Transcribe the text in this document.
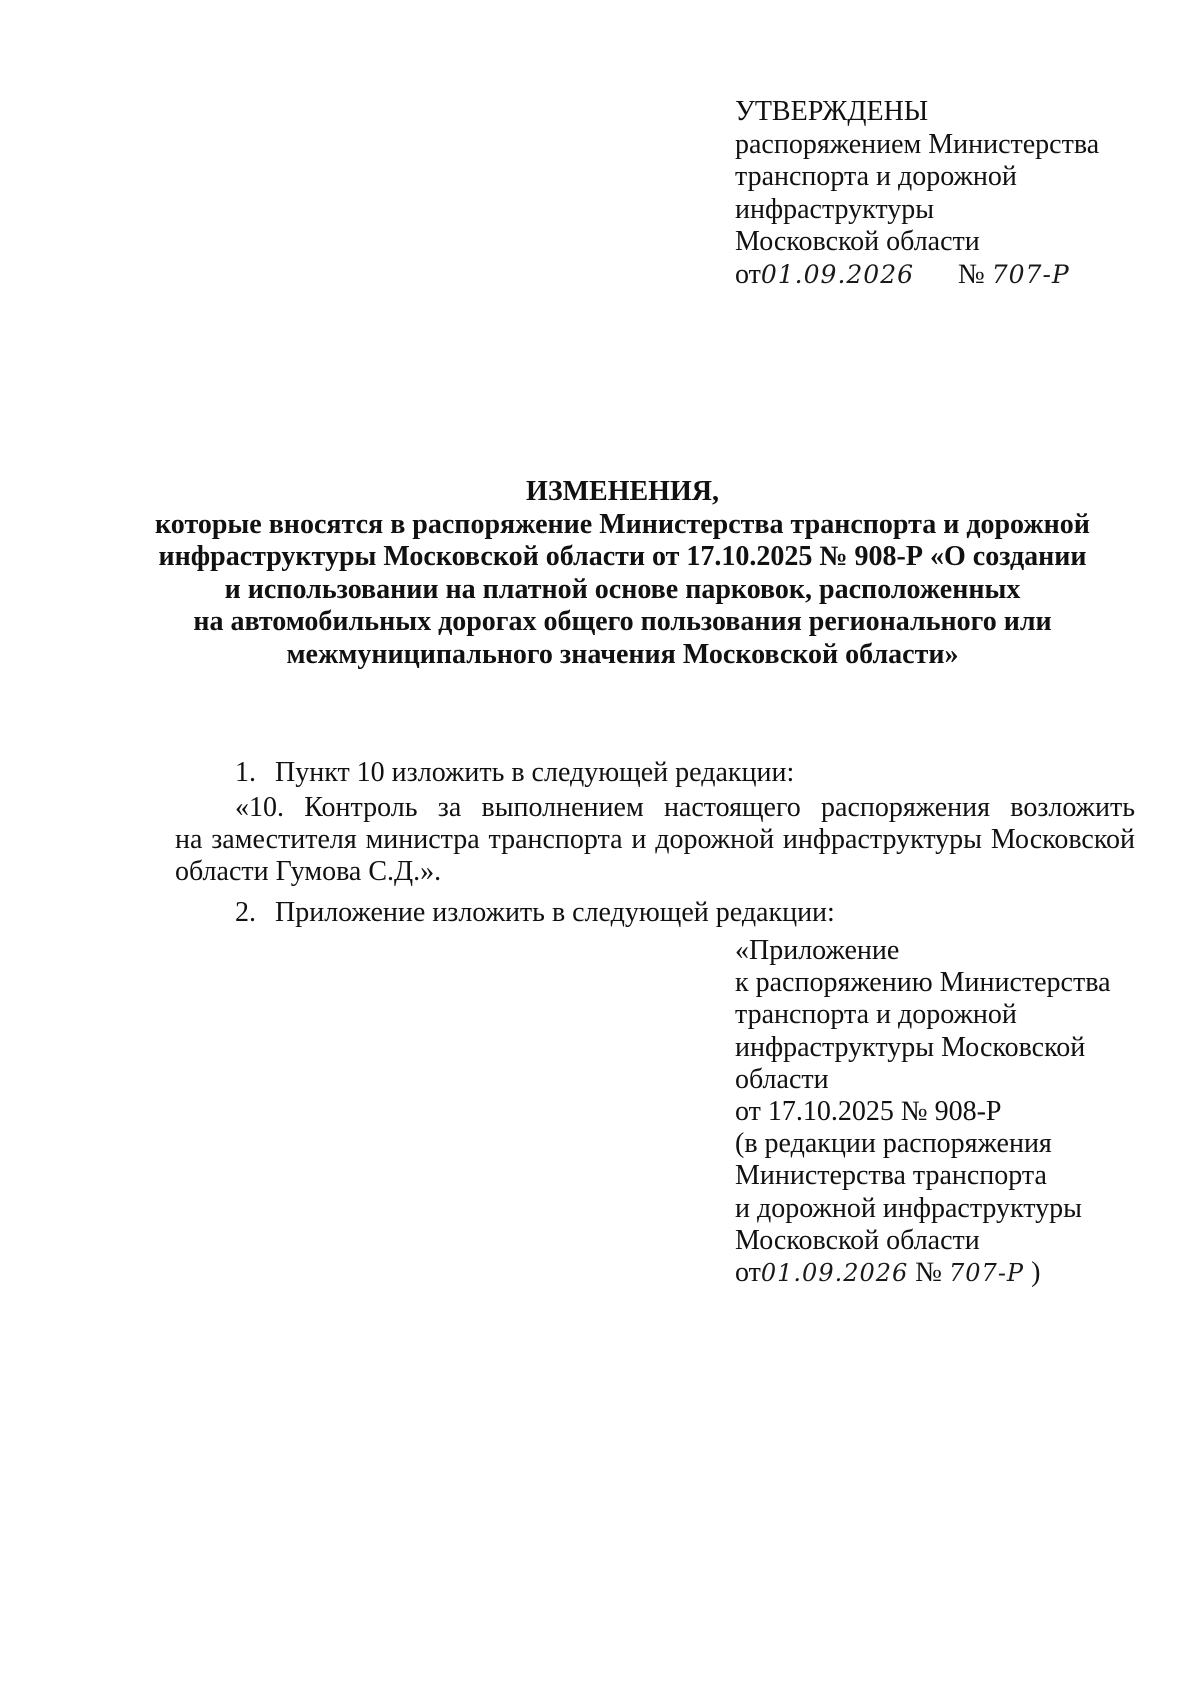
УТВЕРЖДЕНЫ
распоряжением Министерства
транспорта и дорожной
инфраструктуры
Московской области
от01.09.2026 № 707-Р
ИЗМЕНЕНИЯ,
которые вносятся в распоряжение Министерства транспорта и дорожной
инфраструктуры Московской области от 17.10.2025 № 908-Р «О создании
и использовании на платной основе парковок, расположенных
на автомобильных дорогах общего пользования регионального или
межмуниципального значения Московской области»
1. Пункт 10 изложить в следующей редакции:
«10. Контроль за выполнением настоящего распоряжения возложить
на заместителя министра транспорта и дорожной инфраструктуры Московской
области Гумова С.Д.».
2. Приложение изложить в следующей редакции:
«Приложение
к распоряжению Министерства
транспорта и дорожной
инфраструктуры Московской
области
от 17.10.2025 № 908-Р
(в редакции распоряжения
Министерства транспорта
и дорожной инфраструктуры
Московской области
от01.09.2026 № 707-Р )
